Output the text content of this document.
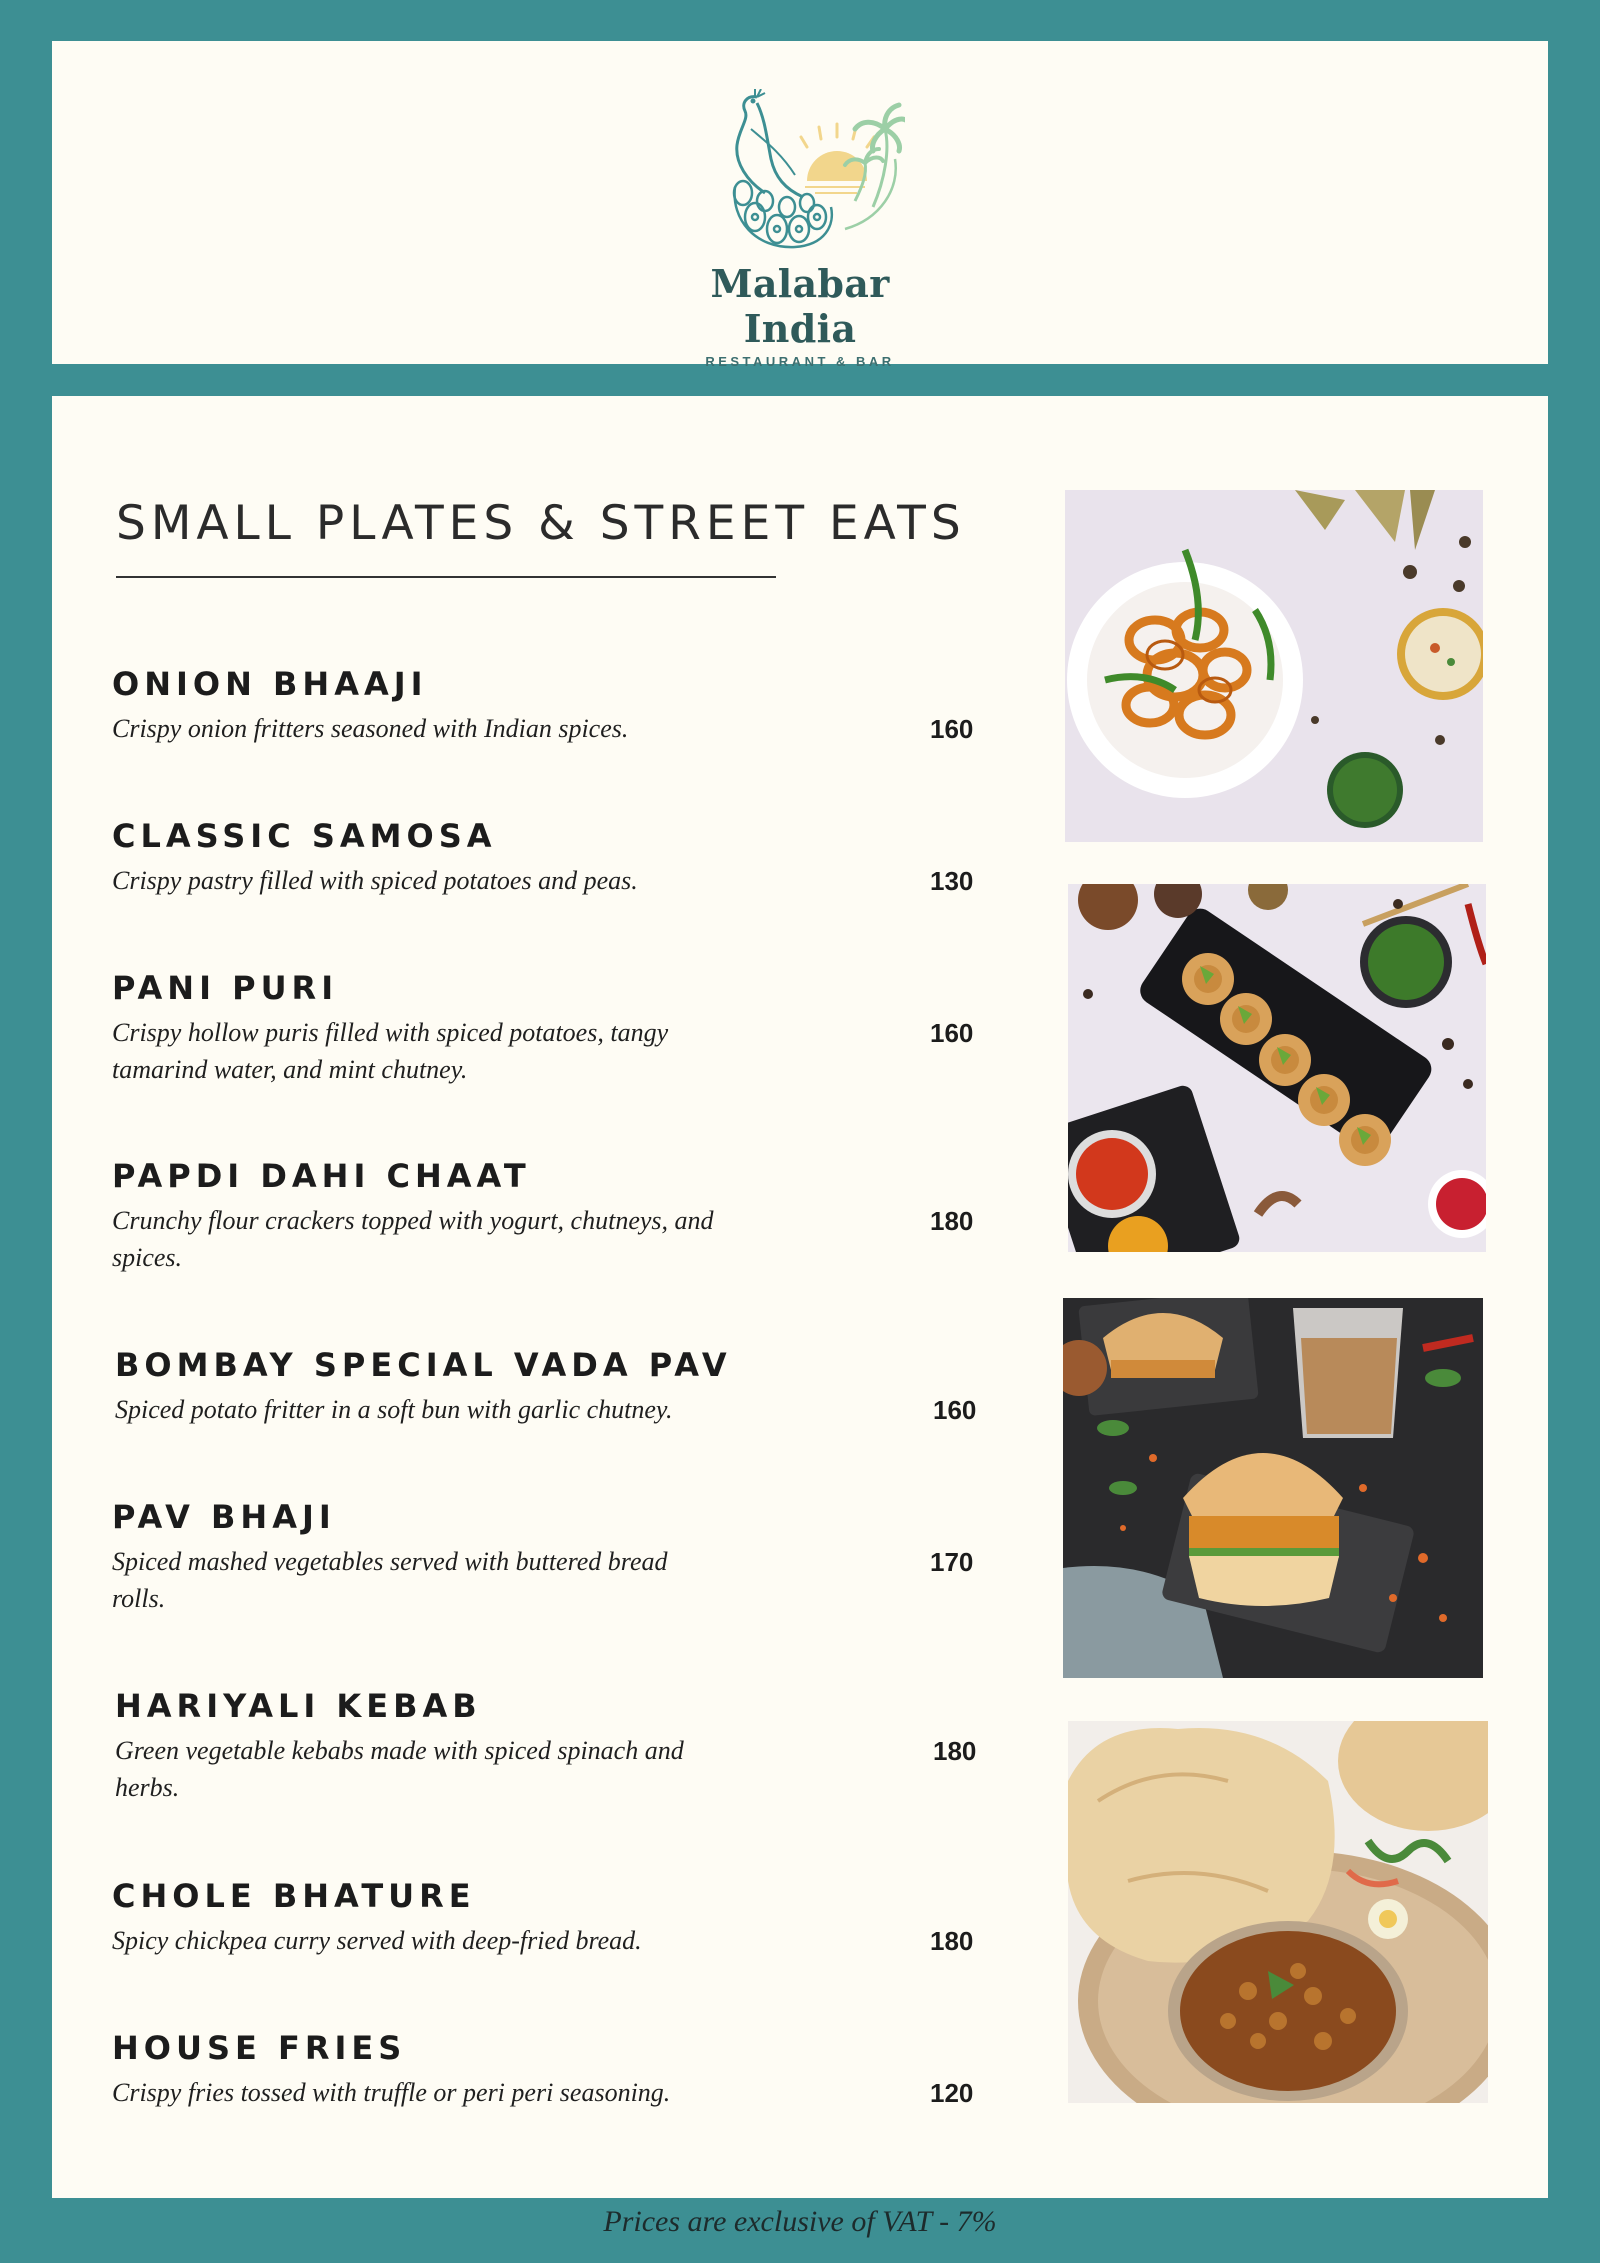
Malabar India
RESTAURANT & BAR
SMALL PLATES & STREET EATS
ONION BHAAJI
Crispy onion fritters seasoned with Indian spices.	160
CLASSIC SAMOSA
Crispy pastry filled with spiced potatoes and peas.	130
PANI PURI
Crispy hollow puris filled with spiced potatoes, tangy tamarind water, and mint chutney.
160
PAPDI DAHI CHAAT
Crunchy flour crackers topped with yogurt, chutneys, and spices.
180
BOMBAY SPECIAL VADA PAV
Spiced potato fritter in a soft bun with garlic chutney.	160
PAV BHAJI
Spiced mashed vegetables served with buttered bread rolls.
170
HARIYALI KEBAB
Green vegetable kebabs made with spiced spinach and herbs.
180
CHOLE BHATURE
Spicy chickpea curry served with deep-fried bread.	180
HOUSE FRIES
Crispy fries tossed with truffle or peri peri seasoning.	120
Prices are exclusive of VAT - 7%
